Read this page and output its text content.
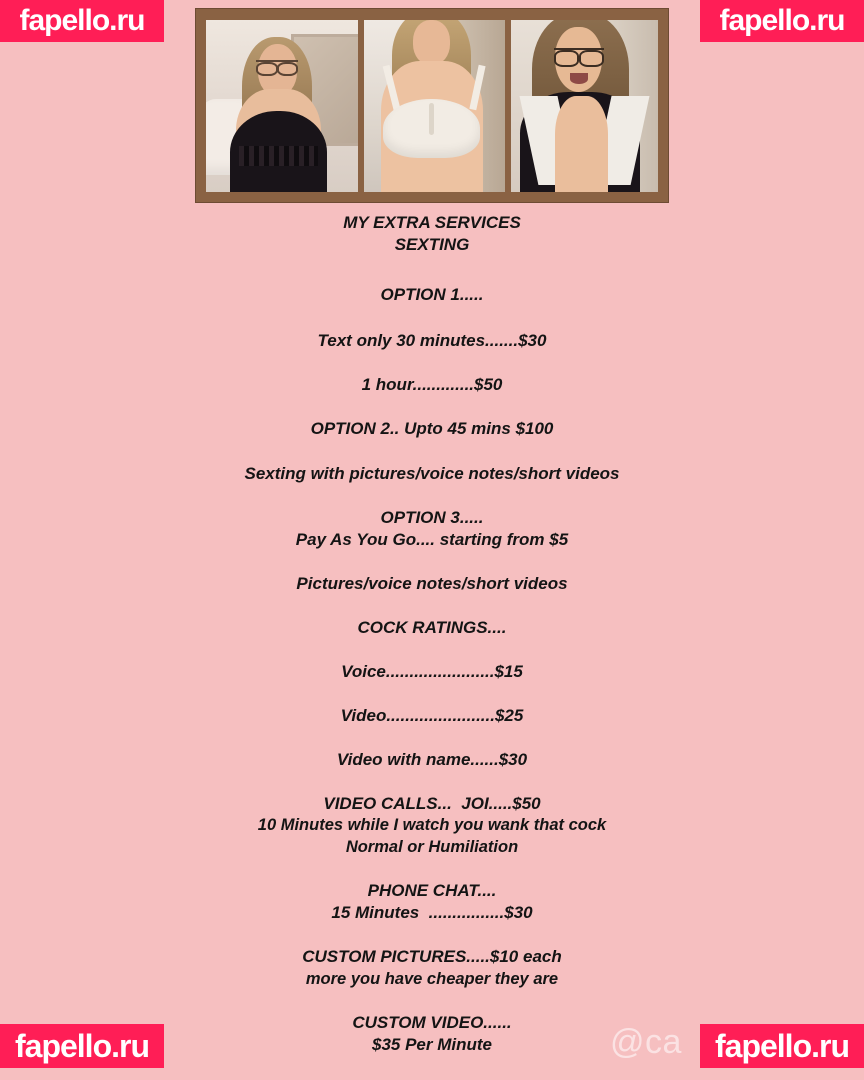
MY EXTRA SERVICES
SEXTING
OPTION 1.....
Text only 30 minutes.......$30
1 hour.............$50
OPTION 2.. Upto 45 mins $100
Sexting with pictures/voice notes/short videos
OPTION 3.....
Pay As You Go.... starting from $5
Pictures/voice notes/short videos
COCK RATINGS....
Voice.......................$15
Video.......................$25
Video with name......$30
VIDEO CALLS...  JOI.....$50
10 Minutes while I watch you wank that cock
Normal or Humiliation
PHONE CHAT....
15 Minutes  ................$30
CUSTOM PICTURES.....$10 each
more you have cheaper they are
CUSTOM VIDEO......
$35 Per Minute	@ca
fapello.ru	fapello.ru
fapello.ru	fapello.ru
